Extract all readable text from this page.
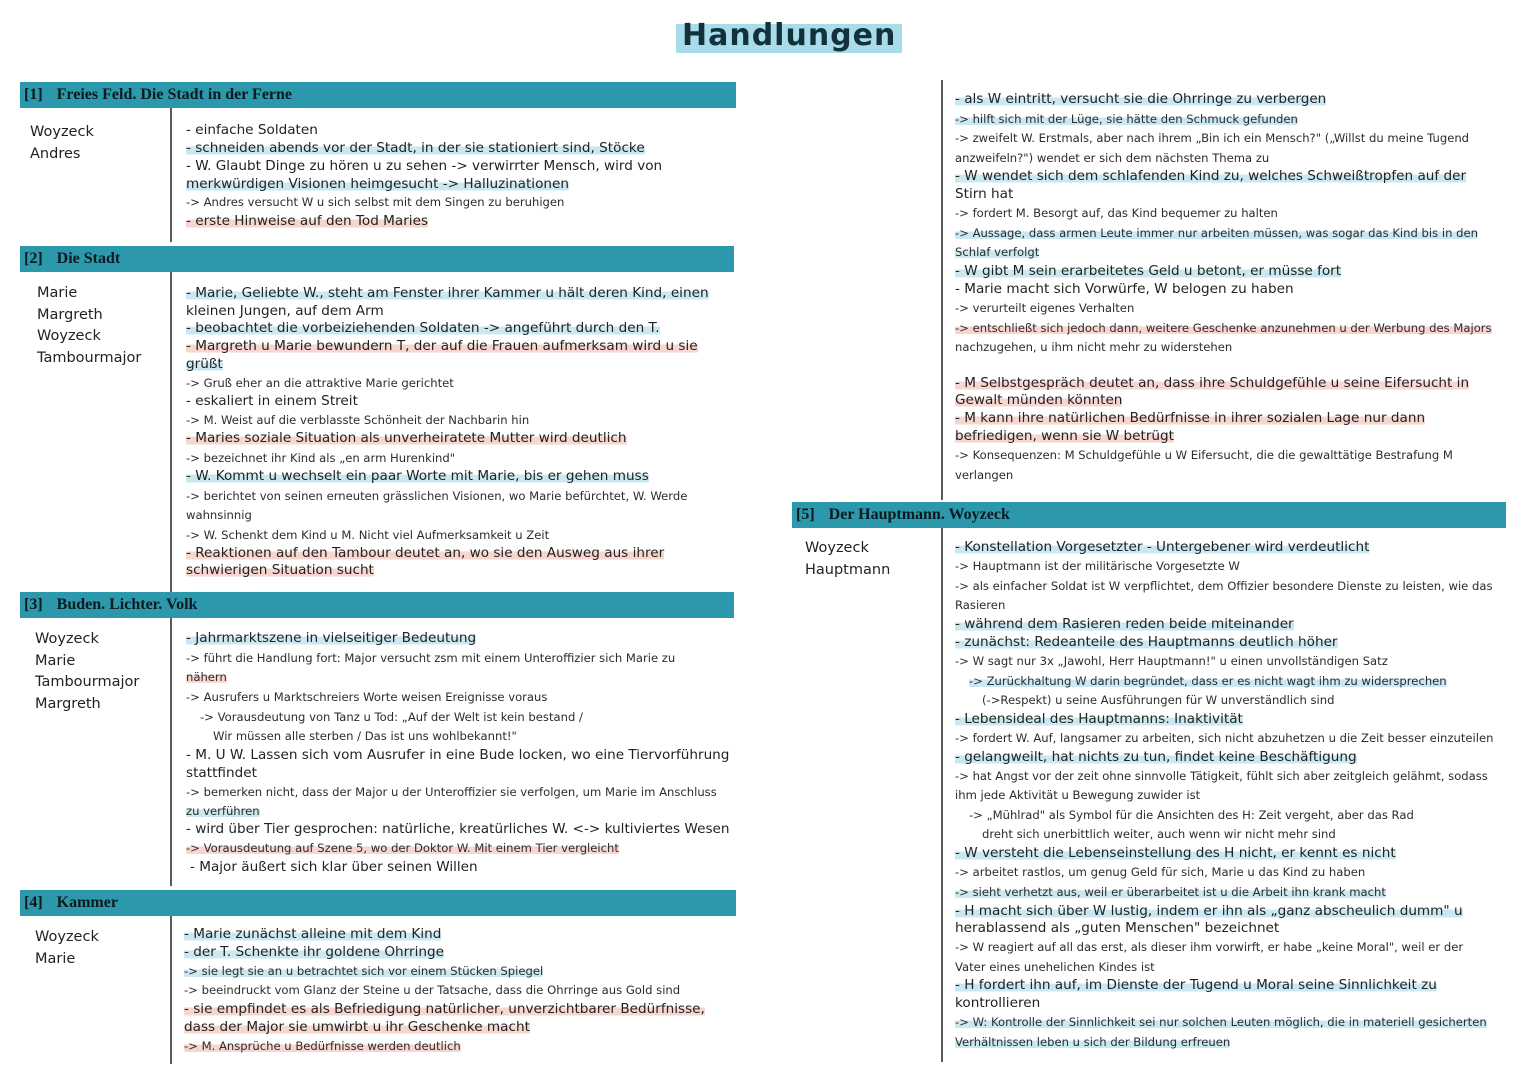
Handlungen
[1] Freies Feld. Die Stadt in der Ferne
Woyzeck
Andres
- einfache Soldaten
- schneiden abends vor der Stadt, in der sie stationiert sind, Stöcke
- W. Glaubt Dinge zu hören u zu sehen -> verwirrter Mensch, wird von
merkwürdigen Visionen heimgesucht -> Halluzinationen
-> Andres versucht W u sich selbst mit dem Singen zu beruhigen
- erste Hinweise auf den Tod Maries
[2] Die Stadt
Marie
Margreth
Woyzeck
Tambourmajor
- Marie, Geliebte W., steht am Fenster ihrer Kammer u hält deren Kind, einen
kleinen Jungen, auf dem Arm
- beobachtet die vorbeiziehenden Soldaten -> angeführt durch den T.
- Margreth u Marie bewundern T, der auf die Frauen aufmerksam wird u sie
grüßt
-> Gruß eher an die attraktive Marie gerichtet
- eskaliert in einem Streit
-> M. Weist auf die verblasste Schönheit der Nachbarin hin
- Maries soziale Situation als unverheiratete Mutter wird deutlich
-> bezeichnet ihr Kind als „en arm Hurenkind"
- W. Kommt u wechselt ein paar Worte mit Marie, bis er gehen muss
-> berichtet von seinen erneuten grässlichen Visionen, wo Marie befürchtet, W. Werde
wahnsinnig
-> W. Schenkt dem Kind u M. Nicht viel Aufmerksamkeit u Zeit
- Reaktionen auf den Tambour deutet an, wo sie den Ausweg aus ihrer
schwierigen Situation sucht
[3] Buden. Lichter. Volk
Woyzeck
Marie
Tambourmajor
Margreth
- Jahrmarktszene in vielseitiger Bedeutung
-> führt die Handlung fort: Major versucht zsm mit einem Unteroffizier sich Marie zu
nähern
-> Ausrufers u Marktschreiers Worte weisen Ereignisse voraus
-> Vorausdeutung von Tanz u Tod: „Auf der Welt ist kein bestand /
Wir müssen alle sterben / Das ist uns wohlbekannt!"
- M. U W. Lassen sich vom Ausrufer in eine Bude locken, wo eine Tiervorführung
stattfindet
-> bemerken nicht, dass der Major u der Unteroffizier sie verfolgen, um Marie im Anschluss
zu verführen
- wird über Tier gesprochen: natürliche, kreatürliches W. <-> kultiviertes Wesen
-> Vorausdeutung auf Szene 5, wo der Doktor W. Mit einem Tier vergleicht
- Major äußert sich klar über seinen Willen
[4] Kammer
Woyzeck
Marie
- Marie zunächst alleine mit dem Kind
- der T. Schenkte ihr goldene Ohrringe
-> sie legt sie an u betrachtet sich vor einem Stücken Spiegel
-> beeindruckt vom Glanz der Steine u der Tatsache, dass die Ohrringe aus Gold sind
- sie empfindet es als Befriedigung natürlicher, unverzichtbarer Bedürfnisse,
dass der Major sie umwirbt u ihr Geschenke macht
-> M. Ansprüche u Bedürfnisse werden deutlich
- als W eintritt, versucht sie die Ohrringe zu verbergen
-> hilft sich mit der Lüge, sie hätte den Schmuck gefunden
-> zweifelt W. Erstmals, aber nach ihrem „Bin ich ein Mensch?" („Willst du meine Tugend
anzweifeln?") wendet er sich dem nächsten Thema zu
- W wendet sich dem schlafenden Kind zu, welches Schweißtropfen auf der
Stirn hat
-> fordert M. Besorgt auf, das Kind bequemer zu halten
-> Aussage, dass armen Leute immer nur arbeiten müssen, was sogar das Kind bis in den
Schlaf verfolgt
- W gibt M sein erarbeitetes Geld u betont, er müsse fort
- Marie macht sich Vorwürfe, W belogen zu haben
-> verurteilt eigenes Verhalten
-> entschließt sich jedoch dann, weitere Geschenke anzunehmen u der Werbung des Majors
nachzugehen, u ihm nicht mehr zu widerstehen
- M Selbstgespräch deutet an, dass ihre Schuldgefühle u seine Eifersucht in
Gewalt münden könnten
- M kann ihre natürlichen Bedürfnisse in ihrer sozialen Lage nur dann
befriedigen, wenn sie W betrügt
-> Konsequenzen: M Schuldgefühle u W Eifersucht, die die gewalttätige Bestrafung M
verlangen
[5] Der Hauptmann. Woyzeck
Woyzeck
Hauptmann
- Konstellation Vorgesetzter - Untergebener wird verdeutlicht
-> Hauptmann ist der militärische Vorgesetzte W
-> als einfacher Soldat ist W verpflichtet, dem Offizier besondere Dienste zu leisten, wie das
Rasieren
- während dem Rasieren reden beide miteinander
- zunächst: Redeanteile des Hauptmanns deutlich höher
-> W sagt nur 3x „Jawohl, Herr Hauptmann!" u einen unvollständigen Satz
-> Zurückhaltung W darin begründet, dass er es nicht wagt ihm zu widersprechen
(->Respekt) u seine Ausführungen für W unverständlich sind
- Lebensideal des Hauptmanns: Inaktivität
-> fordert W. Auf, langsamer zu arbeiten, sich nicht abzuhetzen u die Zeit besser einzuteilen
- gelangweilt, hat nichts zu tun, findet keine Beschäftigung
-> hat Angst vor der zeit ohne sinnvolle Tätigkeit, fühlt sich aber zeitgleich gelähmt, sodass
ihm jede Aktivität u Bewegung zuwider ist
-> „Mühlrad" als Symbol für die Ansichten des H: Zeit vergeht, aber das Rad
dreht sich unerbittlich weiter, auch wenn wir nicht mehr sind
- W versteht die Lebenseinstellung des H nicht, er kennt es nicht
-> arbeitet rastlos, um genug Geld für sich, Marie u das Kind zu haben
-> sieht verhetzt aus, weil er überarbeitet ist u die Arbeit ihn krank macht
- H macht sich über W lustig, indem er ihn als „ganz abscheulich dumm" u
herablassend als „guten Menschen" bezeichnet
-> W reagiert auf all das erst, als dieser ihm vorwirft, er habe „keine Moral", weil er der
Vater eines unehelichen Kindes ist
- H fordert ihn auf, im Dienste der Tugend u Moral seine Sinnlichkeit zu
kontrollieren
-> W: Kontrolle der Sinnlichkeit sei nur solchen Leuten möglich, die in materiell gesicherten
Verhältnissen leben u sich der Bildung erfreuen
